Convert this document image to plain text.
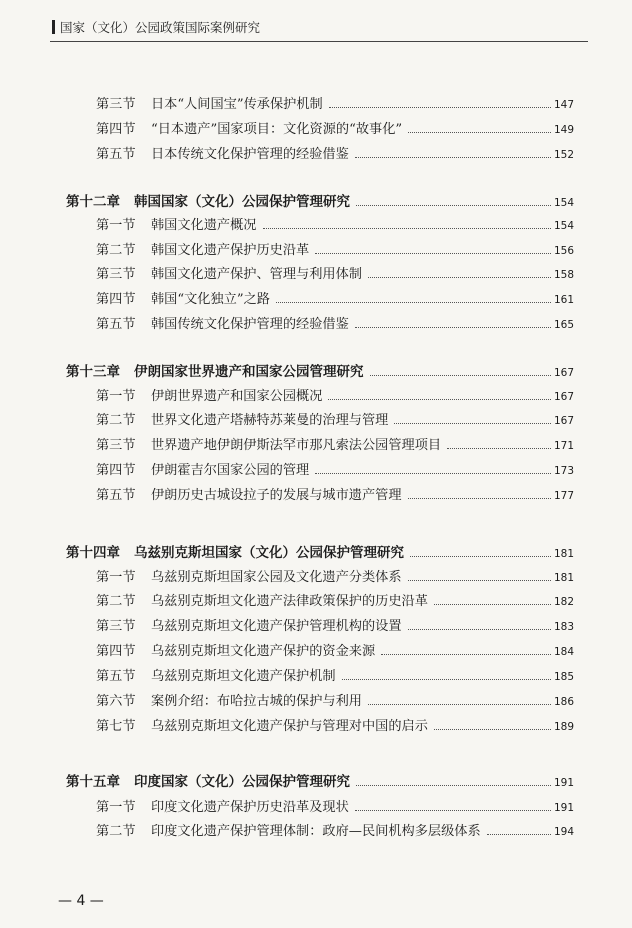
国家（文化）公园政策国际案例研究
第三节	日本“人间国宝”传承保护机制	147
第四节	“日本遗产”国家项目：文化资源的“故事化”	149
第五节	日本传统文化保护管理的经验借鉴	152
第十二章 韩国国家（文化）公园保护管理研究	154
第一节	韩国文化遗产概况	154
第二节	韩国文化遗产保护历史沿革	156
第三节	韩国文化遗产保护、管理与利用体制	158
第四节	韩国“文化独立”之路	161
第五节	韩国传统文化保护管理的经验借鉴	165
第十三章 伊朗国家世界遗产和国家公园管理研究	167
第一节	伊朗世界遗产和国家公园概况	167
第二节	世界文化遗产塔赫特苏莱曼的治理与管理	167
第三节	世界遗产地伊朗伊斯法罕市那凡索法公园管理项目	171
第四节	伊朗霍吉尔国家公园的管理	173
第五节	伊朗历史古城设拉子的发展与城市遗产管理	177
第十四章 乌兹别克斯坦国家（文化）公园保护管理研究	181
第一节	乌兹别克斯坦国家公园及文化遗产分类体系	181
第二节	乌兹别克斯坦文化遗产法律政策保护的历史沿革	182
第三节	乌兹别克斯坦文化遗产保护管理机构的设置	183
第四节	乌兹别克斯坦文化遗产保护的资金来源	184
第五节	乌兹别克斯坦文化遗产保护机制	185
第六节	案例介绍：布哈拉古城的保护与利用	186
第七节	乌兹别克斯坦文化遗产保护与管理对中国的启示	189
第十五章 印度国家（文化）公园保护管理研究	191
第一节	印度文化遗产保护历史沿革及现状	191
第二节	印度文化遗产保护管理体制：政府—民间机构多层级体系	194
— 4 —
